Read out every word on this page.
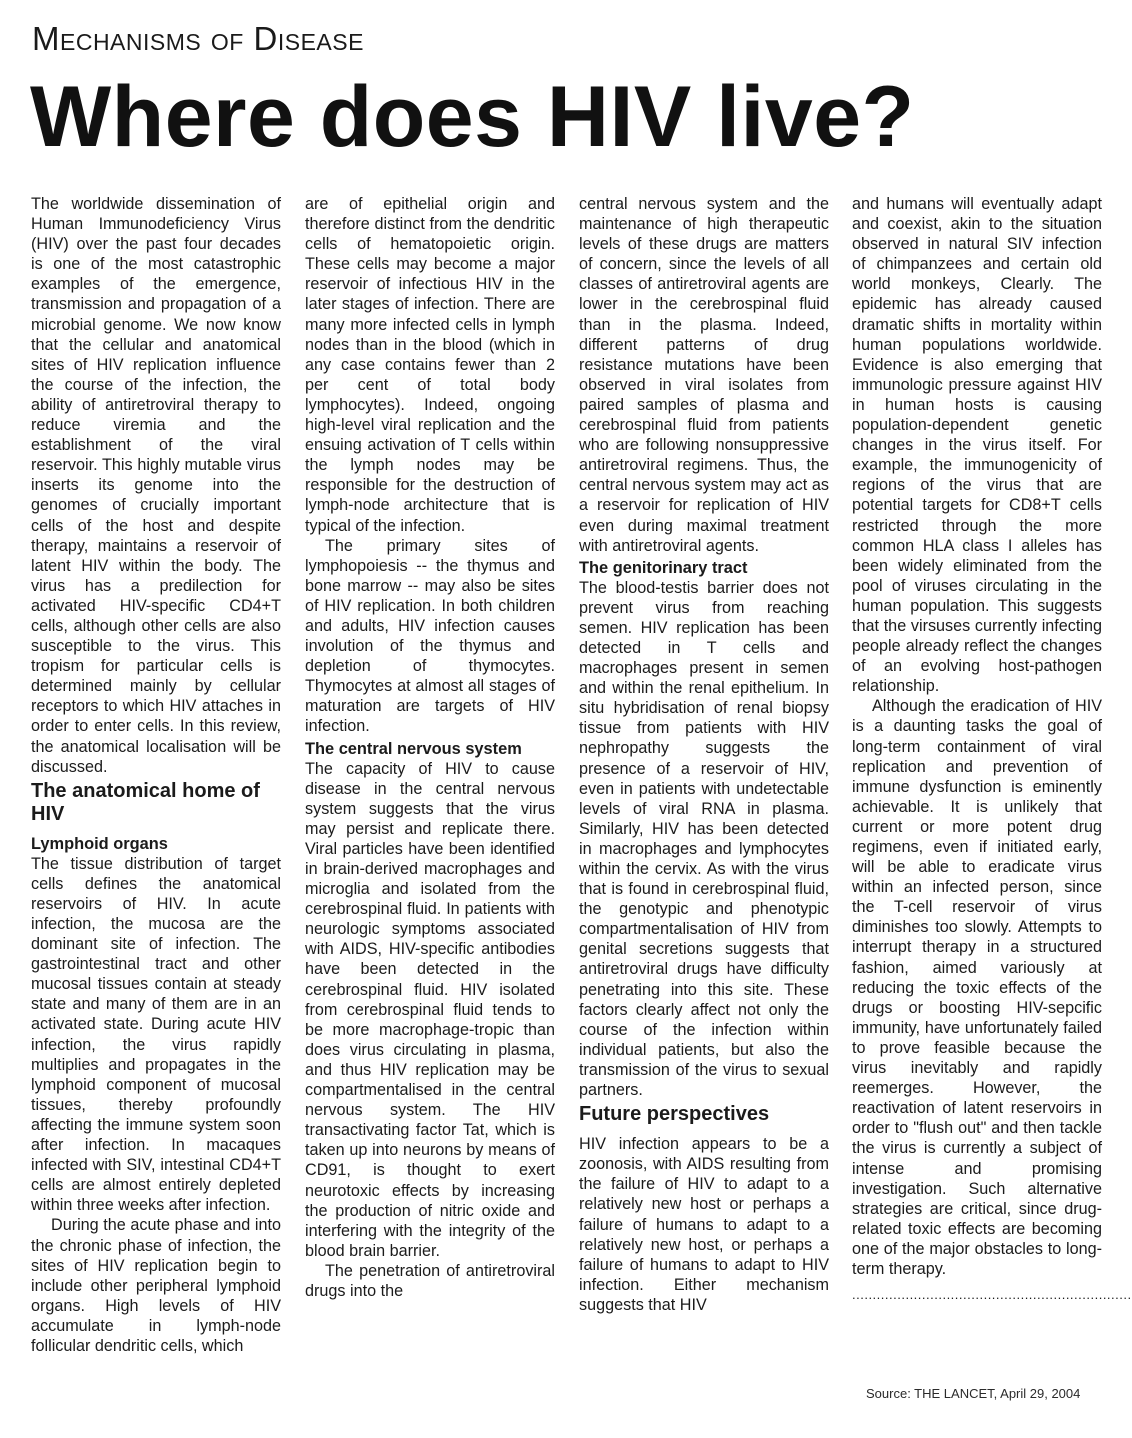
Mechanisms of Disease
Where does HIV live?

The worldwide dissemination of Human Immunodeficiency Virus (HIV) over the past four decades is one of the most catastrophic examples of the emergence, transmission and propagation of a microbial genome. We now know that the cellular and anatomical sites of HIV replication influence the course of the infection, the ability of antiretroviral therapy to reduce viremia and the establishment of the viral reservoir. This highly mutable virus inserts its genome into the genomes of crucially important cells of the host and despite therapy, maintains a reservoir of latent HIV within the body. The virus has a predilection for activated HIV-specific CD4+T cells, although other cells are also susceptible to the virus. This tropism for particular cells is determined mainly by cellular receptors to which HIV attaches in order to enter cells. In this review, the anatomical localisation will be discussed.

The anatomical home of HIV
Lymphoid organs

The tissue distribution of target cells defines the anatomical reservoirs of HIV. In acute infection, the mucosa are the dominant site of infection. The gastrointestinal tract and other mucosal tissues contain at steady state and many of them are in an activated state. During acute HIV infection, the virus rapidly multiplies and propagates in the lymphoid component of mucosal tissues, thereby profoundly affecting the immune system soon after infection. In macaques infected with SIV, intestinal CD4+T cells are almost entirely depleted within three weeks after infection.

During the acute phase and into the chronic phase of infection, the sites of HIV replication begin to include other peripheral lymphoid organs. High levels of HIV accumulate in lymph-node follicular dendritic cells, which

are of epithelial origin and therefore distinct from the dendritic cells of hematopoietic origin. These cells may become a major reservoir of infectious HIV in the later stages of infection. There are many more infected cells in lymph nodes than in the blood (which in any case contains fewer than 2 per cent of total body lymphocytes). Indeed, ongoing high-level viral replication and the ensuing activation of T cells within the lymph nodes may be responsible for the destruction of lymph-node architecture that is typical of the infection.

The primary sites of lymphopoiesis -- the thymus and bone marrow -- may also be sites of HIV replication. In both children and adults, HIV infection causes involution of the thymus and depletion of thymocytes. Thymocytes at almost all stages of maturation are targets of HIV infection.

The central nervous system

The capacity of HIV to cause disease in the central nervous system suggests that the virus may persist and replicate there. Viral particles have been identified in brain-derived macrophages and microglia and isolated from the cerebrospinal fluid. In patients with neurologic symptoms associated with AIDS, HIV-specific antibodies have been detected in the cerebrospinal fluid. HIV isolated from cerebrospinal fluid tends to be more macrophage-tropic than does virus circulating in plasma, and thus HIV replication may be compartmentalised in the central nervous system. The HIV transactivating factor Tat, which is taken up into neurons by means of CD91, is thought to exert neurotoxic effects by increasing the production of nitric oxide and interfering with the integrity of the blood brain barrier.

The penetration of antiretroviral drugs into the

central nervous system and the maintenance of high therapeutic levels of these drugs are matters of concern, since the levels of all classes of antiretroviral agents are lower in the cerebrospinal fluid than in the plasma. Indeed, different patterns of drug resistance mutations have been observed in viral isolates from paired samples of plasma and cerebrospinal fluid from patients who are following nonsuppressive antiretroviral regimens. Thus, the central nervous system may act as a reservoir for replication of HIV even during maximal treatment with antiretroviral agents.

The genitorinary tract

The blood-testis barrier does not prevent virus from reaching semen. HIV replication has been detected in T cells and macrophages present in semen and within the renal epithelium. In situ hybridisation of renal biopsy tissue from patients with HIV nephropathy suggests the presence of a reservoir of HIV, even in patients with undetectable levels of viral RNA in plasma. Similarly, HIV has been detected in macrophages and lymphocytes within the cervix. As with the virus that is found in cerebrospinal fluid, the genotypic and phenotypic compartmentalisation of HIV from genital secretions suggests that antiretroviral drugs have difficulty penetrating into this site. These factors clearly affect not only the course of the infection within individual patients, but also the transmission of the virus to sexual partners.

Future perspectives

HIV infection appears to be a zoonosis, with AIDS resulting from the failure of HIV to adapt to a relatively new host or perhaps a failure of humans to adapt to a relatively new host, or perhaps a failure of humans to adapt to HIV infection. Either mechanism suggests that HIV

and humans will eventually adapt and coexist, akin to the situation observed in natural SIV infection of chimpanzees and certain old world monkeys, Clearly. The epidemic has already caused dramatic shifts in mortality within human populations worldwide. Evidence is also emerging that immunologic pressure against HIV in human hosts is causing population-dependent genetic changes in the virus itself. For example, the immunogenicity of regions of the virus that are potential targets for CD8+T cells restricted through the more common HLA class I alleles has been widely eliminated from the pool of viruses circulating in the human population. This suggests that the virsuses currently infecting people already reflect the changes of an evolving host-pathogen relationship.

Although the eradication of HIV is a daunting tasks the goal of long-term containment of viral replication and prevention of immune dysfunction is eminently achievable. It is unlikely that current or more potent drug regimens, even if initiated early, will be able to eradicate virus within an infected person, since the T-cell reservoir of virus diminishes too slowly. Attempts to interrupt therapy in a structured fashion, aimed variously at reducing the toxic effects of the drugs or boosting HIV-sepcific immunity, have unfortunately failed to prove feasible because the virus inevitably and rapidly reemerges. However, the reactivation of latent reservoirs in order to "flush out" and then tackle the virus is currently a subject of intense and promising investigation. Such alternative strategies are critical, since drug-related toxic effects are becoming one of the major obstacles to long-term therapy.

....................................................................
Source: THE LANCET, April 29, 2004
